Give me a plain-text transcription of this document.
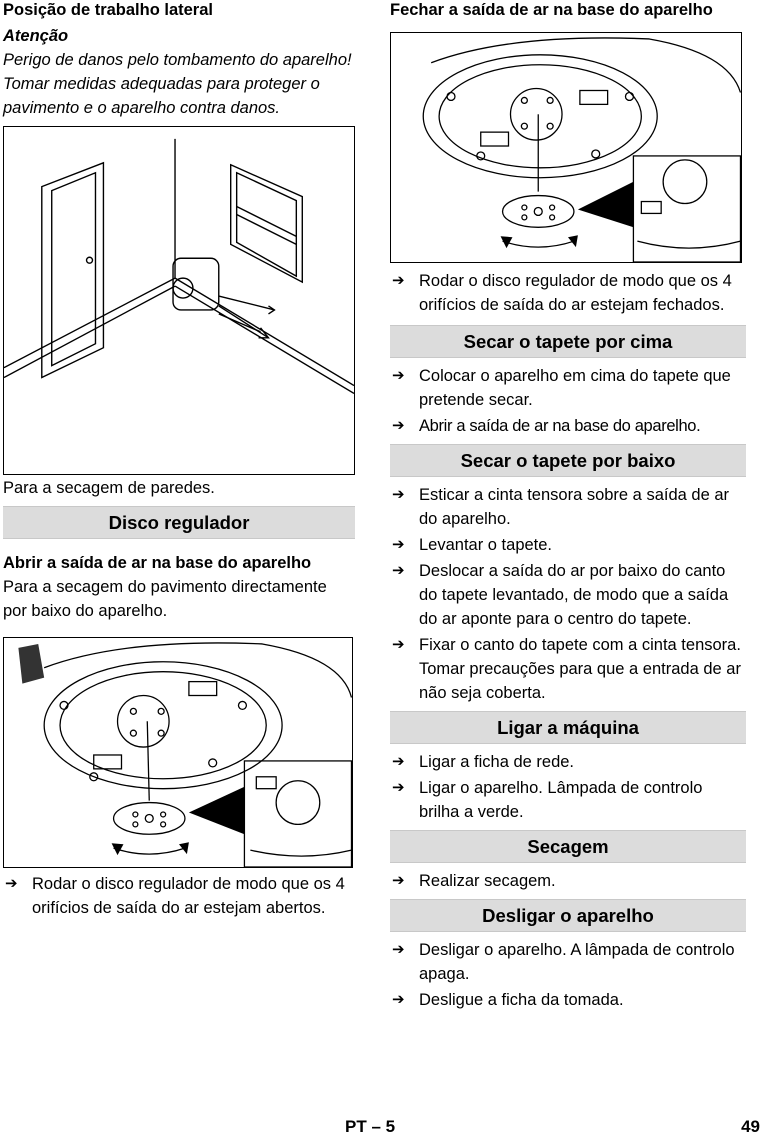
Posição de trabalho lateral
Atenção
Perigo de danos pelo tombamento do aparelho! Tomar medidas adequadas para proteger o pavimento e o aparelho contra danos.
Para a secagem de paredes.
Disco regulador
Abrir a saída de ar na base do aparelho
Para a secagem do pavimento directamente por baixo do aparelho.
➔ Rodar o disco regulador de modo que os 4 orifícios de saída do ar estejam abertos.
Fechar a saída de ar na base do aparelho
➔ Rodar o disco regulador de modo que os 4 orifícios de saída do ar estejam fechados.
Secar o tapete por cima
➔ Colocar o aparelho em cima do tapete que pretende secar.
➔ Abrir a saída de ar na base do aparelho.
Secar o tapete por baixo
➔ Esticar a cinta tensora sobre a saída de ar do aparelho.
➔ Levantar o tapete.
➔ Deslocar a saída do ar por baixo do canto do tapete levantado, de modo que a saída do ar aponte para o centro do tapete.
➔ Fixar o canto do tapete com a cinta tensora. Tomar precauções para que a entrada de ar não seja coberta.
Ligar a máquina
➔ Ligar a ficha de rede.
➔ Ligar o aparelho. Lâmpada de controlo brilha a verde.
Secagem
➔ Realizar secagem.
Desligar o aparelho
➔ Desligar o aparelho. A lâmpada de controlo apaga.
➔ Desligue a ficha da tomada.
PT – 5	49
